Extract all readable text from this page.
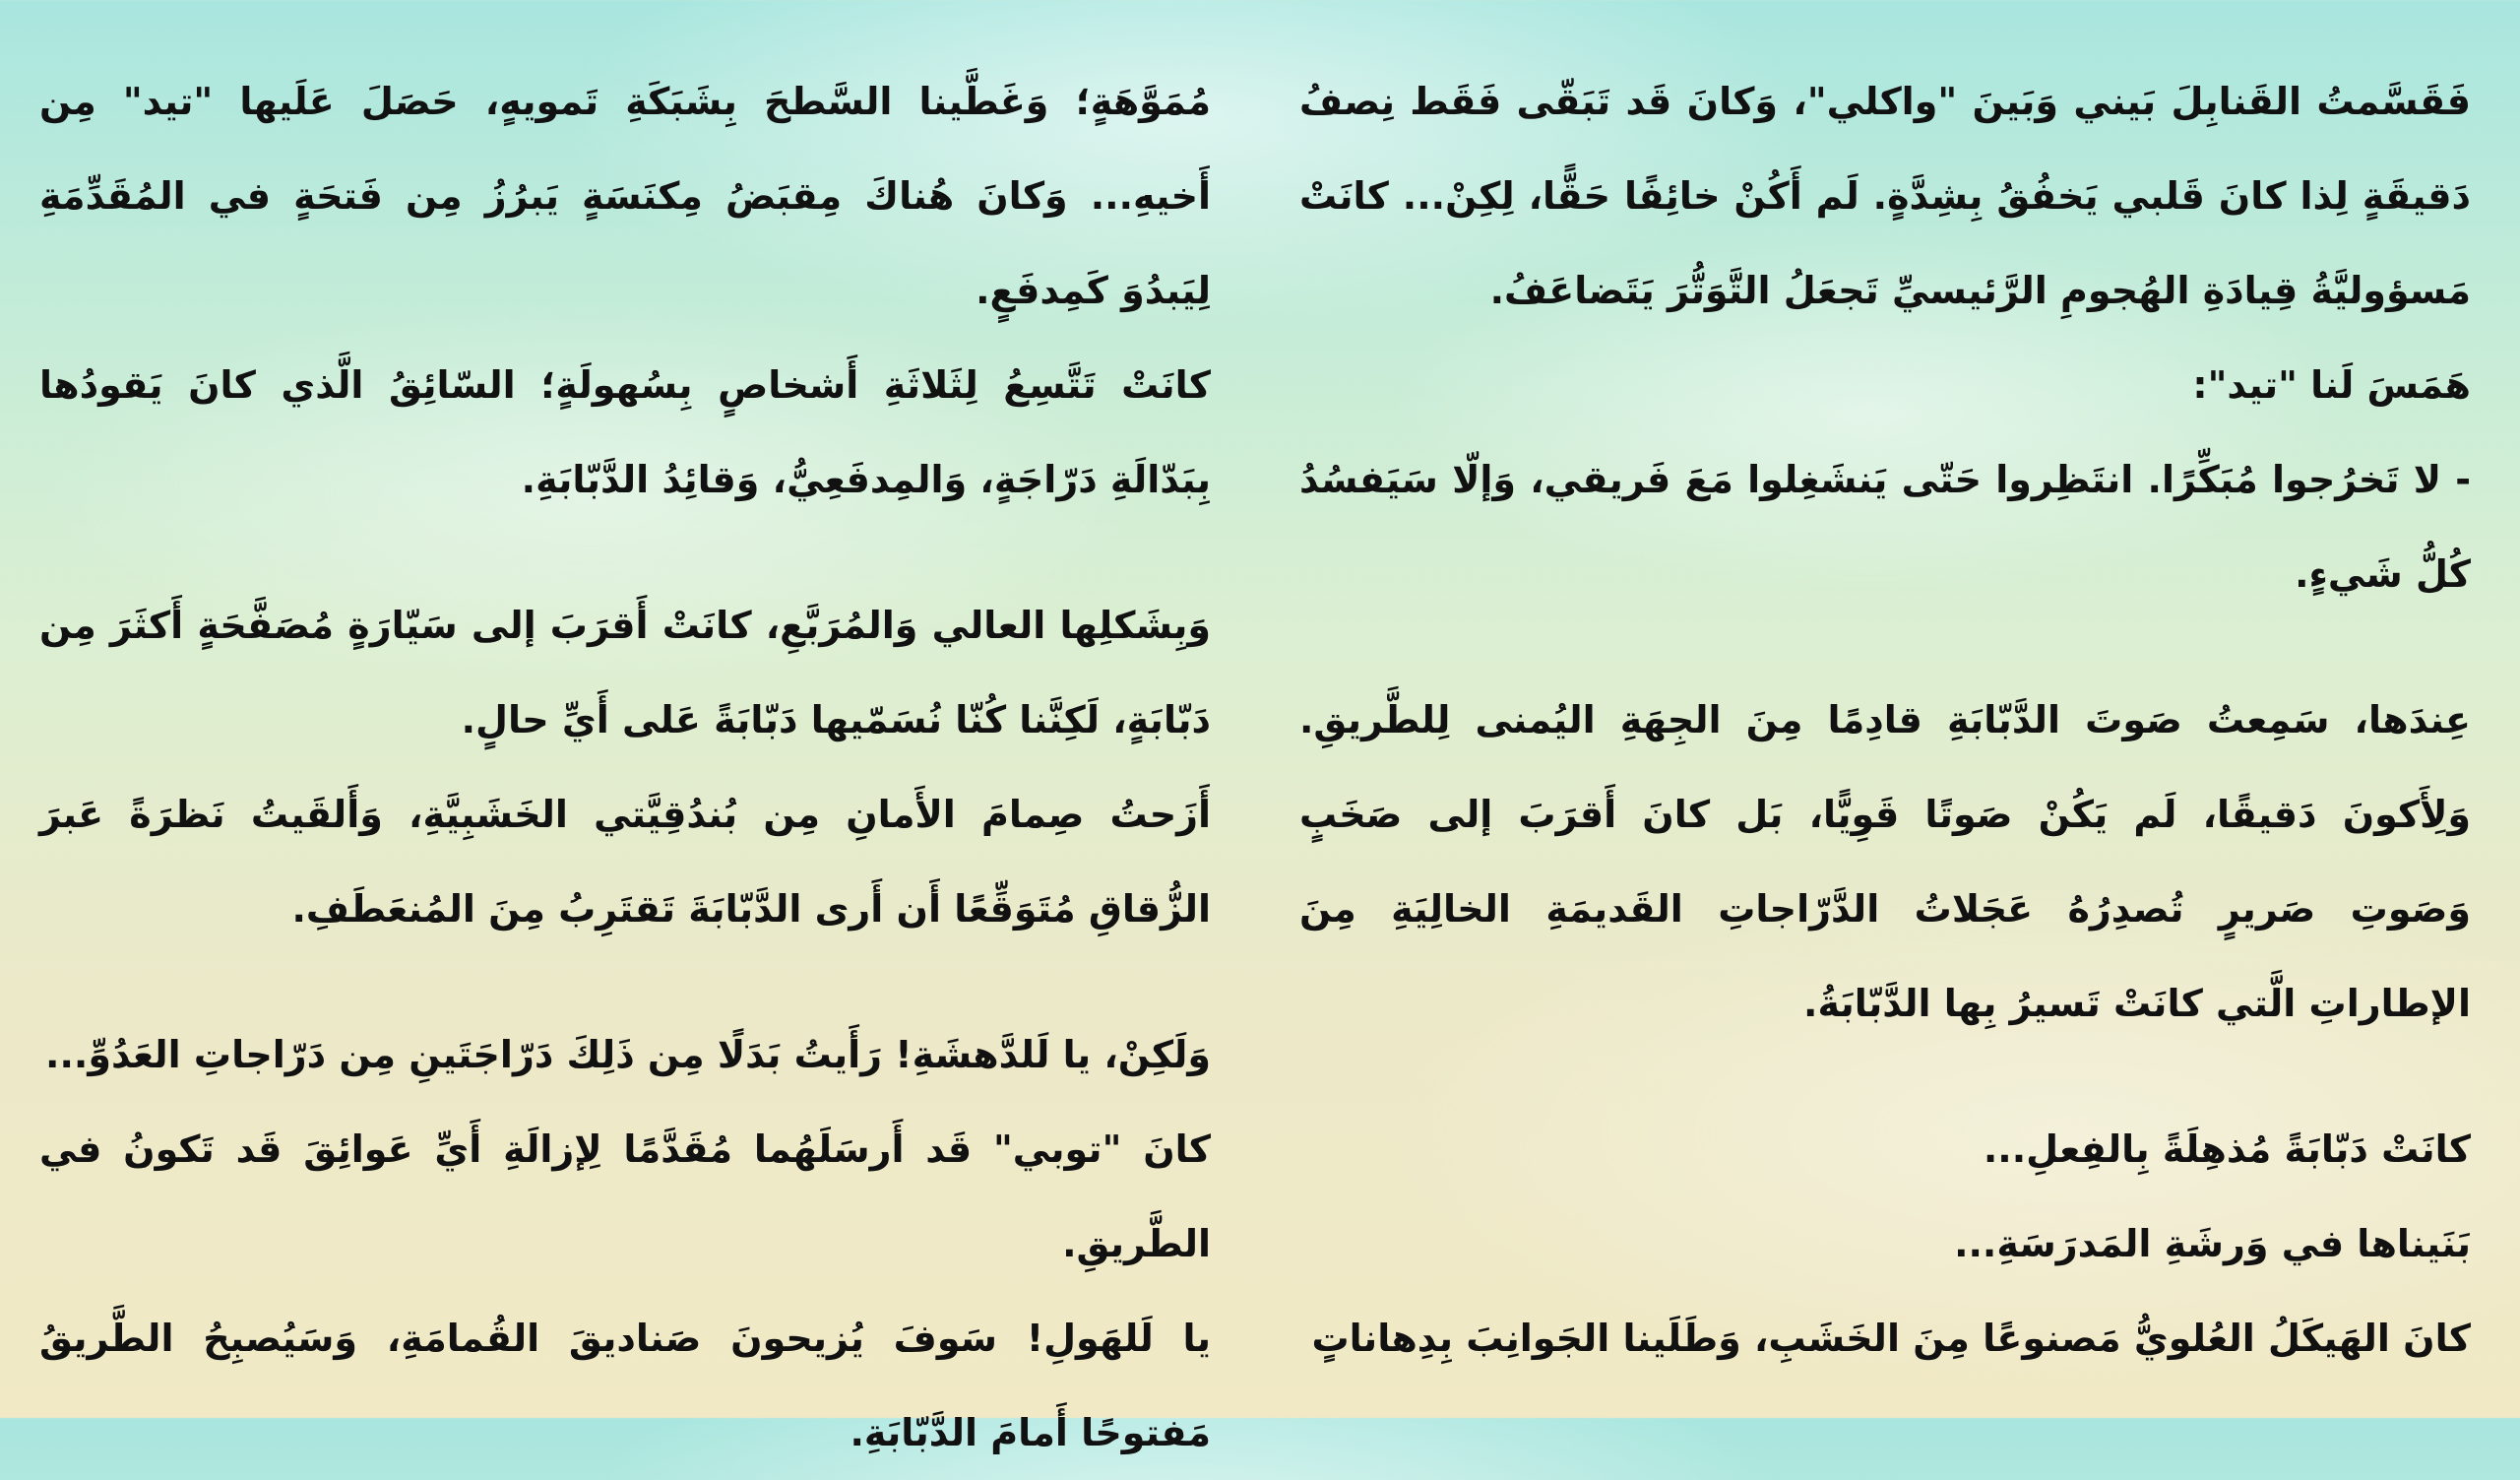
فَقَسَّمتُ القَنابِلَ بَيني وَبَينَ "واكلي"، وَكانَ قَد تَبَقّى فَقَط نِصفُ دَقيقَةٍ لِذا كانَ قَلبي يَخفُقُ بِشِدَّةٍ. لَم أَكُنْ خائِفًا حَقًّا، لِكِنْ... كانَتْ مَسؤوليَّةُ قِيادَةِ الهُجومِ الرَّئيسيِّ تَجعَلُ التَّوَتُّرَ يَتَضاعَفُ.

هَمَسَ لَنا "تيد":

- لا تَخرُجوا مُبَكِّرًا. انتَظِروا حَتّى يَنشَغِلوا مَعَ فَريقي، وَإلّا سَيَفسُدُ كُلُّ شَيءٍ.

عِندَها، سَمِعتُ صَوتَ الدَّبّابَةِ قادِمًا مِنَ الجِهَةِ اليُمنى لِلطَّريقِ. وَلِأَكونَ دَقيقًا، لَم يَكُنْ صَوتًا قَوِيًّا، بَل كانَ أَقرَبَ إلى صَخَبٍ وَصَوتِ صَريرٍ تُصدِرُهُ عَجَلاتُ الدَّرّاجاتِ القَديمَةِ الخالِيَةِ مِنَ الإطاراتِ الَّتي كانَتْ تَسيرُ بِها الدَّبّابَةُ.

كانَتْ دَبّابَةً مُذهِلَةً بِالفِعلِ...

بَنَيناها في وَرشَةِ المَدرَسَةِ...

كانَ الهَيكَلُ العُلويُّ مَصنوعًا مِنَ الخَشَبِ، وَطَلَينا الجَوانِبَ بِدِهاناتٍ

مُمَوَّهَةٍ؛ وَغَطَّينا السَّطحَ بِشَبَكَةِ تَمويهٍ، حَصَلَ عَلَيها "تيد" مِن أَخيهِ... وَكانَ هُناكَ مِقبَضُ مِكنَسَةٍ يَبرُزُ مِن فَتحَةٍ في المُقَدِّمَةِ لِيَبدُوَ كَمِدفَعٍ.

كانَتْ تَتَّسِعُ لِثَلاثَةِ أَشخاصٍ بِسُهولَةٍ؛ السّائِقُ الَّذي كانَ يَقودُها بِبَدّالَةِ دَرّاجَةٍ، وَالمِدفَعِيُّ، وَقائِدُ الدَّبّابَةِ.

وَبِشَكلِها العالي وَالمُرَبَّعِ، كانَتْ أَقرَبَ إلى سَيّارَةٍ مُصَفَّحَةٍ أَكثَرَ مِن دَبّابَةٍ، لَكِنَّنا كُنّا نُسَمّيها دَبّابَةً عَلى أَيِّ حالٍ.

أَزَحتُ صِمامَ الأَمانِ مِن بُندُقِيَّتي الخَشَبِيَّةِ، وَأَلقَيتُ نَظرَةً عَبرَ الزُّقاقِ مُتَوَقِّعًا أَن أَرى الدَّبّابَةَ تَقتَرِبُ مِنَ المُنعَطَفِ.

وَلَكِنْ، يا لَلدَّهشَةِ! رَأَيتُ بَدَلًا مِن ذَلِكَ دَرّاجَتَينِ مِن دَرّاجاتِ العَدُوِّ...

كانَ "توبي" قَد أَرسَلَهُما مُقَدَّمًا لِإزالَةِ أَيِّ عَوائِقَ قَد تَكونُ في الطَّريقِ.

يا لَلهَولِ! سَوفَ يُزيحونَ صَناديقَ القُمامَةِ، وَسَيُصبِحُ الطَّريقُ مَفتوحًا أَمامَ الدَّبّابَةِ.
